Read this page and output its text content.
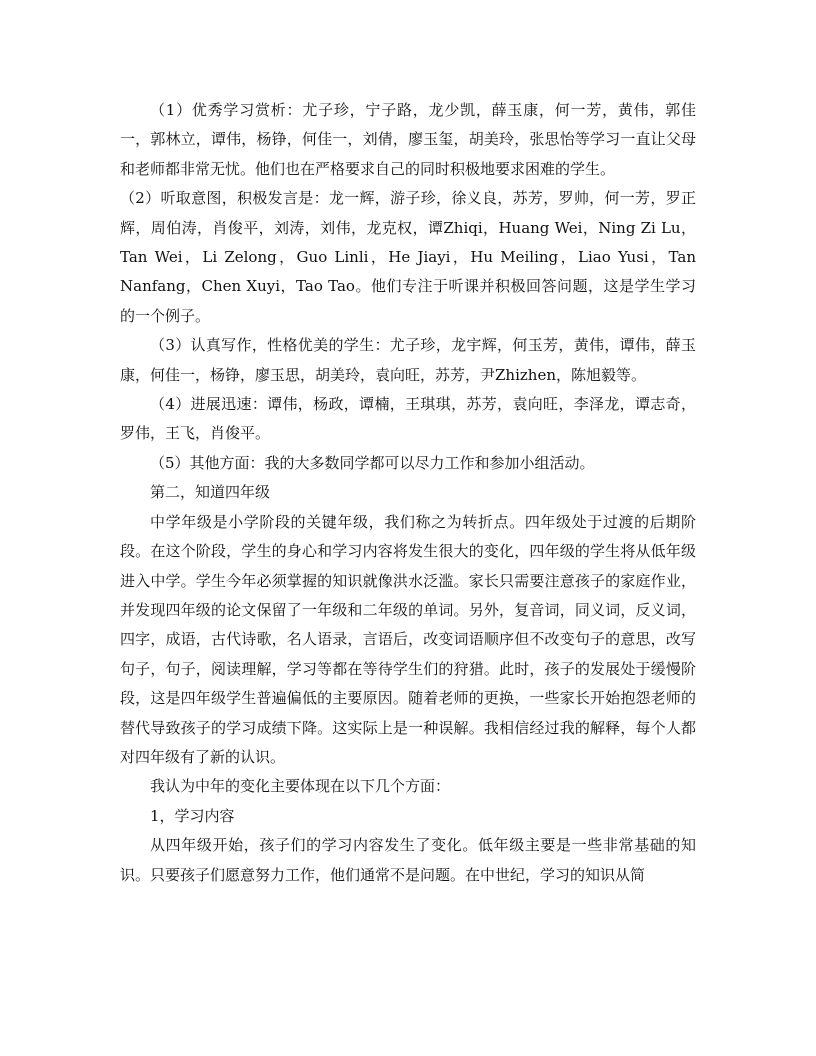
（1）优秀学习赏析：尤子珍，宁子路，龙少凯，薛玉康，何一芳，黄伟，郭佳一，郭林立，谭伟，杨铮，何佳一，刘倩，廖玉玺，胡美玲，张思怡等学习一直让父母和老师都非常无忧。他们也在严格要求自己的同时积极地要求困难的学生。

（2）听取意图，积极发言是：龙一辉，游子珍，徐义良，苏芳，罗帅，何一芳，罗正辉，周伯涛，肖俊平，刘涛，刘伟，龙克权，谭Zhiqi，Huang Wei，Ning Zi Lu，Tan Wei，Li Zelong，Guo Linli，He Jiayi，Hu Meiling，Liao Yusi，Tan Nanfang，Chen Xuyi，Tao Tao。他们专注于听课并积极回答问题，这是学生学习的一个例子。

（3）认真写作，性格优美的学生：尤子珍，龙宇辉，何玉芳，黄伟，谭伟，薛玉康，何佳一，杨铮，廖玉思，胡美玲，袁向旺，苏芳，尹Zhizhen，陈旭毅等。

（4）进展迅速：谭伟，杨政，谭楠，王琪琪，苏芳，袁向旺，李泽龙，谭志奇，罗伟，王飞，肖俊平。

（5）其他方面：我的大多数同学都可以尽力工作和参加小组活动。

第二，知道四年级

中学年级是小学阶段的关键年级，我们称之为转折点。四年级处于过渡的后期阶段。在这个阶段，学生的身心和学习内容将发生很大的变化，四年级的学生将从低年级进入中学。学生今年必须掌握的知识就像洪水泛滥。家长只需要注意孩子的家庭作业，并发现四年级的论文保留了一年级和二年级的单词。另外，复音词，同义词，反义词，四字，成语，古代诗歌，名人语录，言语后，改变词语顺序但不改变句子的意思，改写句子，句子，阅读理解，学习等都在等待学生们的狩猎。此时，孩子的发展处于缓慢阶段，这是四年级学生普遍偏低的主要原因。随着老师的更换，一些家长开始抱怨老师的替代导致孩子的学习成绩下降。这实际上是一种误解。我相信经过我的解释，每个人都对四年级有了新的认识。

我认为中年的变化主要体现在以下几个方面：

1，学习内容

从四年级开始，孩子们的学习内容发生了变化。低年级主要是一些非常基础的知识。只要孩子们愿意努力工作，他们通常不是问题。在中世纪，学习的知识从简
